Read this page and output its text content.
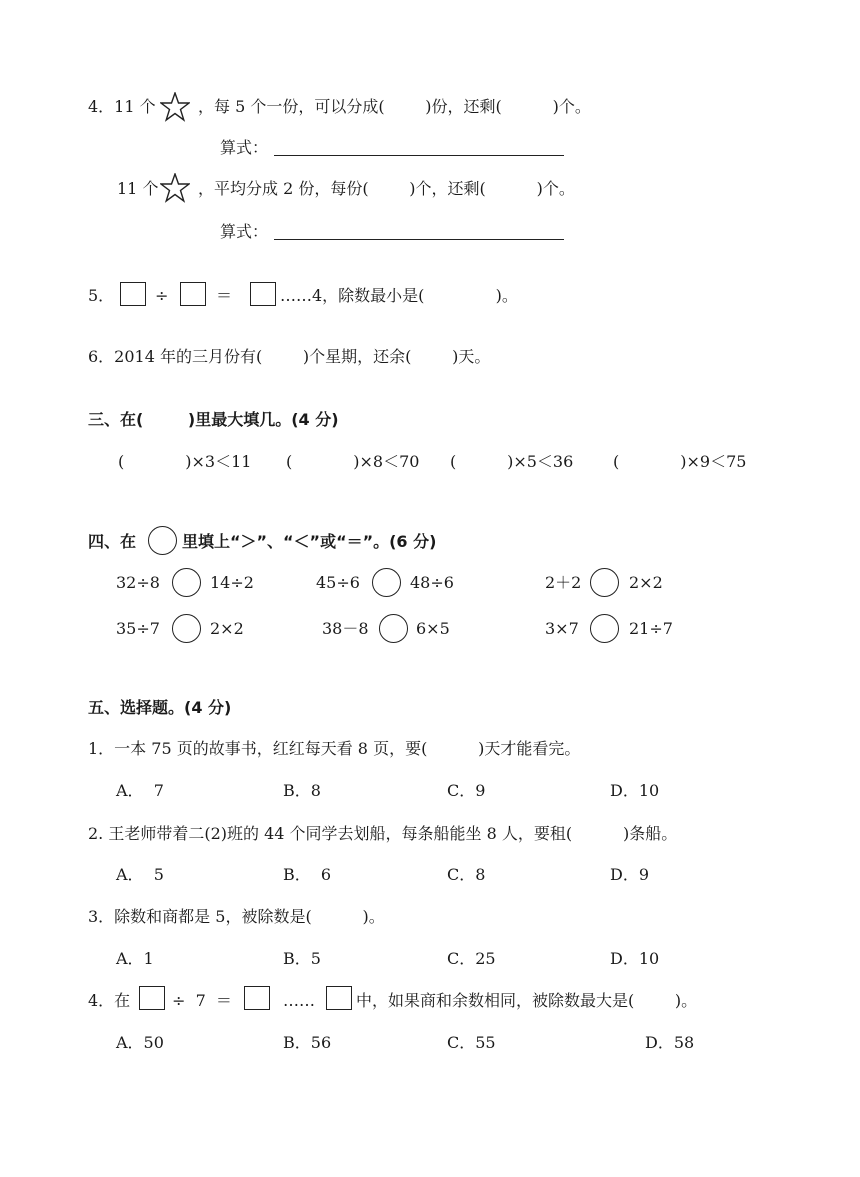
4．11 个	，每 5 个一份，可以分成(        )份，还剩(          )个。
算式：
11 个 ，平均分成 2 份，每份(        )个，还剩(          )个。
算式：
5．	÷	＝	……4，除数最小是(              )。
6．2014 年的三月份有(        )个星期，还余(        )天。
三、在(        )里最大填几。(4 分)
(            )×3＜11 (            )×8＜70 (          )×5＜36 (            )×9＜75
四、在	里填上“＞”、“＜”或“＝”。(6 分)
32÷8	14÷2	45÷6	48÷6	2＋2	2×2
35÷7	2×2	38－8	6×5	3×7	21÷7
五、选择题。(4 分)
1．一本 75 页的故事书，红红每天看 8 页，要(          )天才能看完。
A．  7	B．8	C．9	D．10
2. 王老师带着二(2)班的 44 个同学去划船，每条船能坐 8 人，要租(          )条船。
A．  5	B．  6	C．8	D．9
3．除数和商都是 5，被除数是(          )。
A．1	B．5	C．25	D．10
4．在	÷  7  ＝	……	中，如果商和余数相同，被除数最大是(        )。
A．50	B．56	C．55	D．58
